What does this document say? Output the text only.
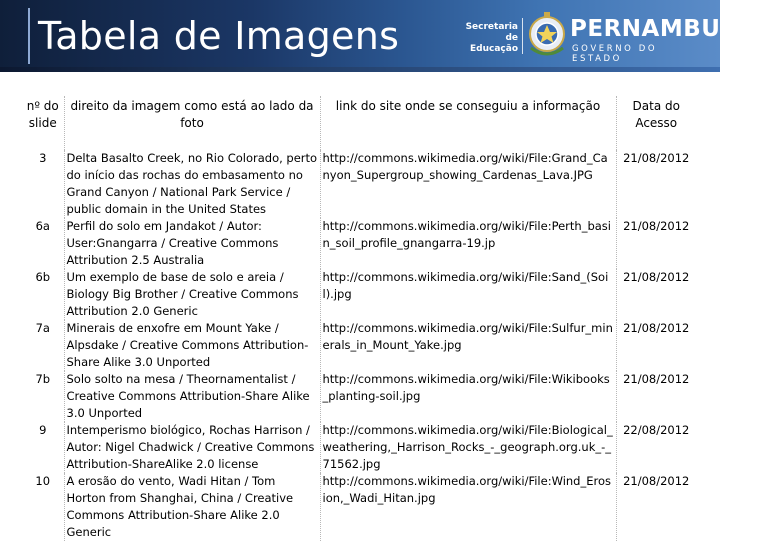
Tabela de Imagens	Secretaria de
Educação
PERNAMBUCO
GOVERNO DO ESTADO
nº do slide	direito da imagem como está ao lado da foto	link do site onde se conseguiu a informação	Data do Acesso
3	Delta Basalto Creek, no Rio Colorado, perto do início das rochas do embasamento no Grand Canyon / National Park Service / public domain in the United States	http://commons.wikimedia.org/wiki/File:Grand_Canyon_Supergroup_showing_Cardenas_Lava.JPG	21/08/2012
6a	Perfil do solo em Jandakot / Autor: User:Gnangarra / Creative Commons Attribution 2.5 Australia	http://commons.wikimedia.org/wiki/File:Perth_basin_soil_profile_gnangarra-19.jp	21/08/2012
6b	Um exemplo de base de solo e areia / Biology Big Brother / Creative Commons Attribution 2.0 Generic	http://commons.wikimedia.org/wiki/File:Sand_(Soil).jpg	21/08/2012
7a	Minerais de enxofre em Mount Yake / Alpsdake / Creative Commons Attribution-Share Alike 3.0 Unported	http://commons.wikimedia.org/wiki/File:Sulfur_minerals_in_Mount_Yake.jpg	21/08/2012
7b	Solo solto na mesa / Theornamentalist / Creative Commons Attribution-Share Alike 3.0 Unported	http://commons.wikimedia.org/wiki/File:Wikibooks_planting-soil.jpg	21/08/2012
9	Intemperismo biológico, Rochas Harrison / Autor: Nigel Chadwick / Creative Commons Attribution-ShareAlike 2.0 license	http://commons.wikimedia.org/wiki/File:Biological_weathering,_Harrison_Rocks_-_geograph.org.uk_-_71562.jpg	22/08/2012
10	A erosão do vento, Wadi Hitan / Tom Horton from Shanghai, China / Creative Commons Attribution-Share Alike 2.0 Generic	http://commons.wikimedia.org/wiki/File:Wind_Erosion,_Wadi_Hitan.jpg	21/08/2012
